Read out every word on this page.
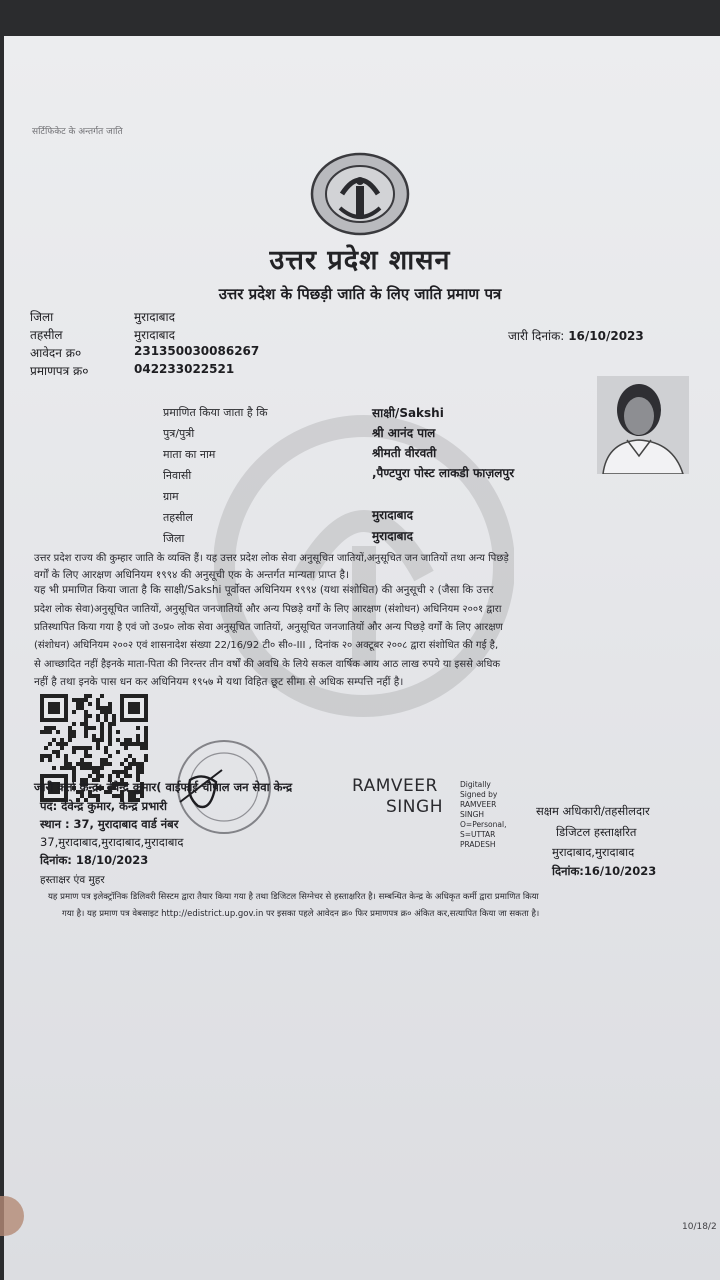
सर्टिफिकेट के अन्तर्गत जाति
उत्तर प्रदेश शासन
उत्तर प्रदेश के पिछड़ी जाति के लिए जाति प्रमाण पत्र
जिला	मुरादाबाद
तहसील	मुरादाबाद
आवेदन क्र०	23135003008626​7
प्रमाणपत्र क्र०	042233022521
जारी दिनांक: 16/10/2023
प्रमाणित किया जाता है कि	साक्षी/Sakshi
पुत्र/पुत्री	श्री आनंद पाल
माता का नाम	श्रीमती वीरवती
निवासी	,पैण्टपुरा पोस्ट लाकडी फाज़लपुर
ग्राम
तहसील	मुरादाबाद
जिला	मुरादाबाद
उत्तर प्रदेश राज्य की कुम्हार जाति के व्यक्ति हैं। यह उत्तर प्रदेश लोक सेवा अनुसूचित जातियों,अनुसूचित जन जातियों तथा अन्य पिछड़े
वर्गों के लिए आरक्षण अधिनियम १९९४ की अनुसूची एक के अन्तर्गत मान्यता प्राप्त है।
यह भी प्रमाणित किया जाता है कि साक्षी/Sakshi पूर्वोक्त अधिनियम १९९४ (यथा संशोधित) की अनुसूची २ (जैसा कि उत्तर
प्रदेश लोक सेवा)अनुसूचित जातियों, अनुसूचित जनजातियों और अन्य पिछड़े वर्गों के लिए आरक्षण (संशोधन) अधिनियम २००१ द्वारा
प्रतिस्थापित किया गया है एवं जो उ०प्र० लोक सेवा अनुसूचित जातियों, अनुसूचित जनजातियों और अन्य पिछड़े वर्गों के लिए आरक्षण
(संशोधन) अधिनियम २००२ एवं शासनादेश संख्या 22/16/92 टी० सी०-III , दिनांक २० अक्टूबर २००८ द्वारा संशोधित की गई है,
से आच्छादित नहीं हैइनके माता-पिता की निरन्तर तीन वर्षों की अवधि के लिये सकल वार्षिक आय आठ लाख रुपये या इससे अधिक
नहीं है तथा इनके पास धन कर अधिनियम १९५७ मे यथा विहित छूट सीमा से अधिक सम्पत्ति नहीं है।
जारी कर्ता केन्द्र: देवेन्द्र कुमार( वाईफाई चौपाल जन सेवा केन्द्र
पद: देवेन्द्र कुमार, केन्द्र प्रभारी
स्थान : 37, मुरादाबाद वार्ड नंबर
37,मुरादाबाद,मुरादाबाद,मुरादाबाद
दिनांक: 18/10/2023
हस्ताक्षर एंव मुहर
RAMVEER
SINGH
Digitally
Signed by
RAMVEER
SINGH
O=Personal,
S=UTTAR
PRADESH
सक्षम अधिकारी/तहसीलदार
डिजिटल हस्ताक्षरित
मुरादाबाद,मुरादाबाद
दिनांक:16/10/2023
यह प्रमाण पत्र इलेक्ट्रॉनिक डिलिवरी सिस्टम द्वारा तैयार किया गया है तथा डिजिटल सिग्नेचर से हस्ताक्षरित है। सम्बन्धित केन्द्र के अधिकृत कर्मी द्वारा प्रमाणित किया
गया है। यह प्रमाण पत्र वेबसाइट http://edistrict.up.gov.in पर इसका पहले आवेदन क्र० फिर प्रमाणपत्र क्र० अंकित कर,सत्यापित किया जा सकता है।
10/18/2
